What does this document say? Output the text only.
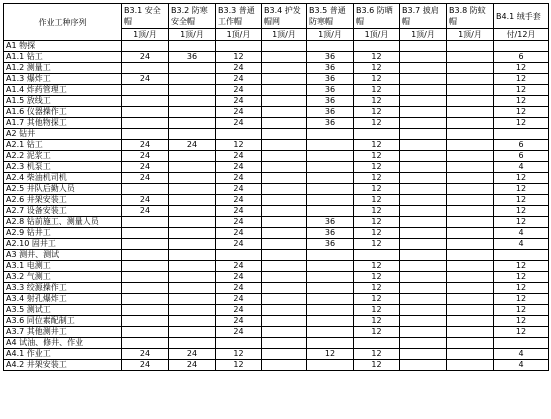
作业工种序列	B3.1 安全帽	B3.2 防寒安全帽	B3.3 普通工作帽	B3.4 护发帽网	B3.5 普通防寒帽	B3.6 防晒帽	B3.7 披肩帽	B3.8 防蚊帽	B4.1 绒手套
	1顶/月	1顶/月	1顶/月	1顶/月	1顶/月	1顶/月	1顶/月	1顶/月	付/12月
A1 物探									
A1.1 钻工	24	36	12		36	12			6
A1.2 测量工			24		36	12			12
A1.3 爆炸工	24		24		36	12			12
A1.4 炸药管理工			24		36	12			12
A1.5 放线工			24		36	12			12
A1.6 仪器操作工			24		36	12			12
A1.7 其他物探工			24		36	12			12
A2 钻井									
A2.1 钻工	24	24	12			12			6
A2.2 泥浆工	24		24			12			6
A2.3 机泵工	24		24			12			4
A2.4 柴油机司机	24		24			12			12
A2.5 井队后勤人员			24			12			12
A2.6 井架安装工	24		24			12			12
A2.7 设备安装工	24		24			12			12
A2.8 钻前施工、测量人员			24		36	12			12
A2.9 钻井工			24		36	12			4
A2.10 固井工			24		36	12			4
A3 测井、测试									
A3.1 电测工			24			12			12
A3.2 气测工			24			12			12
A3.3 绞源操作工			24			12			12
A3.4 射孔爆炸工			24			12			12
A3.5 测试工			24			12			12
A3.6 同位素配制工			24			12			12
A3.7 其他测井工			24			12			12
A4 试油、修井、作业									
A4.1 作业工	24	24	12		12	12			4
A4.2 井架安装工	24	24	12			12			4
